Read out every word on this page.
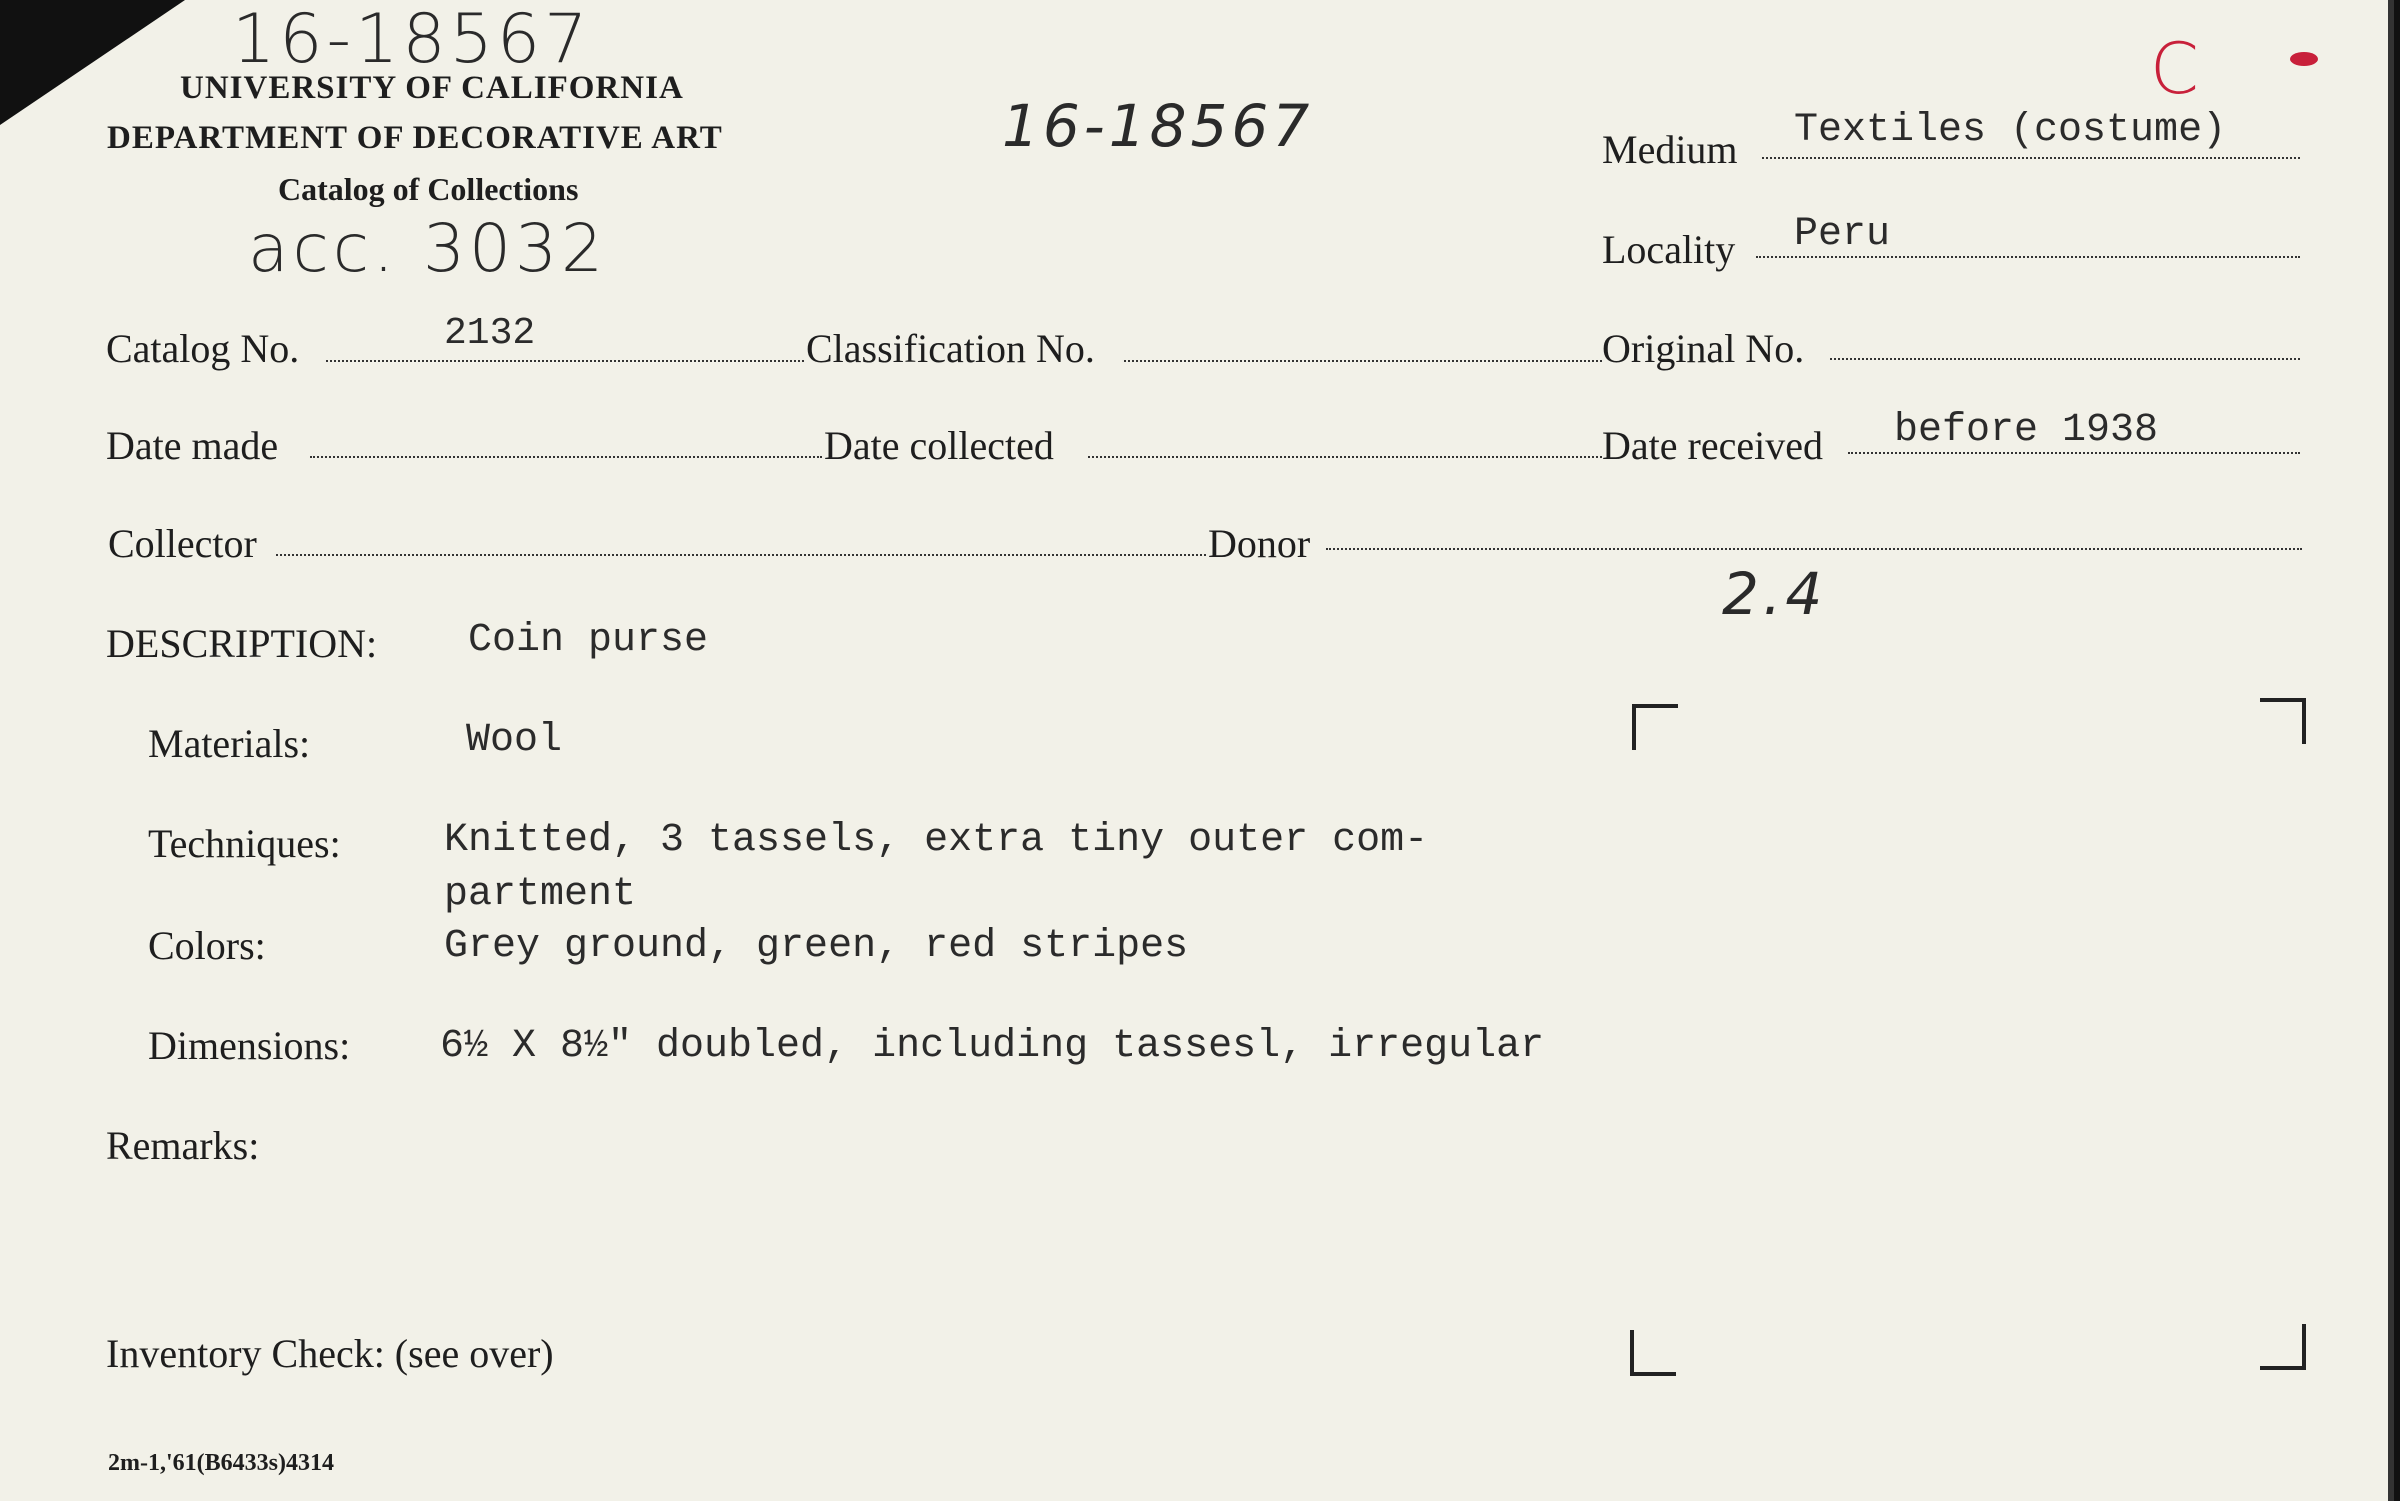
16-18567
16-18567
acc. 3032
2.4
C
UNIVERSITY OF CALIFORNIA
DEPARTMENT OF DECORATIVE ART
Catalog of Collections
Medium Textiles (costume)
Locality Peru
Catalog No.	2132	Classification No.	Original No.
Date made	Date collected	Date received before 1938
Collector	Donor
DESCRIPTION: Coin purse
Materials:	Wool
Techniques:	Knitted, 3 tassels, extra tiny outer com-
partment
Colors:	Grey ground, green, red stripes
Dimensions: 6½ X 8½" doubled, including tassesl, irregular
Remarks:
Inventory Check: (see over)
2m-1,'61(B6433s)4314
